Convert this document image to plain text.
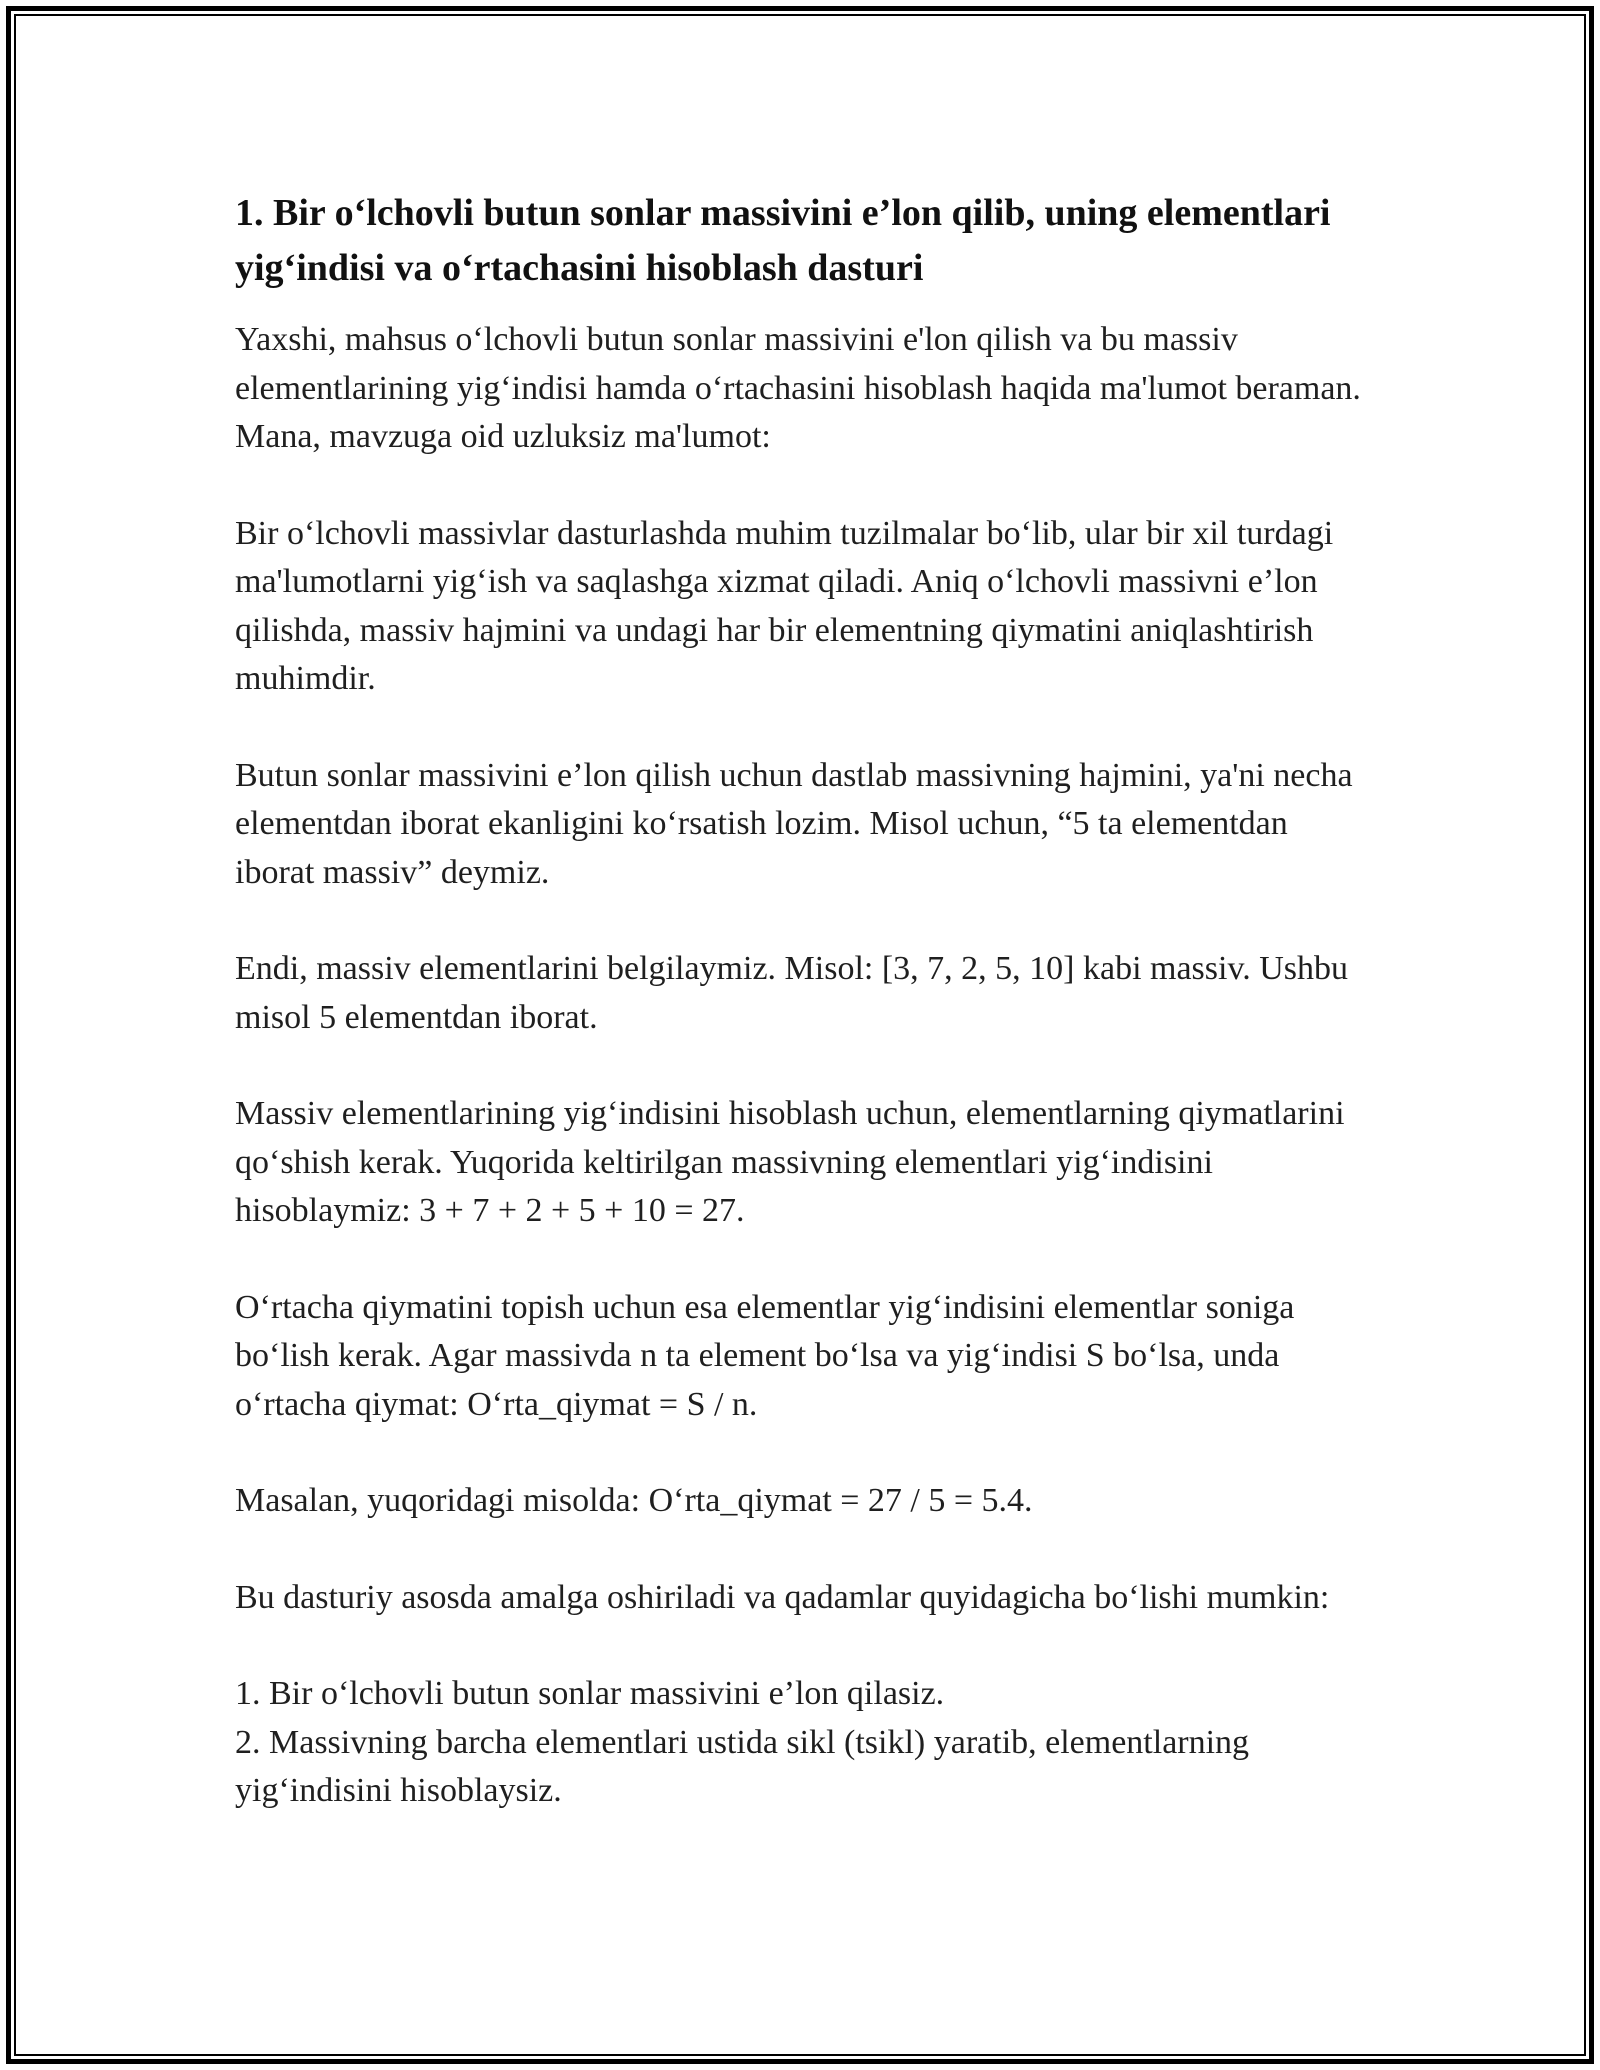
1. Bir o‘lchovli butun sonlar massivini e’lon qilib, uning elementlari yig‘indisi va o‘rtachasini hisoblash dasturi

Yaxshi, mahsus o‘lchovli butun sonlar massivini e'lon qilish va bu massiv elementlarining yig‘indisi hamda o‘rtachasini hisoblash haqida ma'lumot beraman. Mana, mavzuga oid uzluksiz ma'lumot:

Bir o‘lchovli massivlar dasturlashda muhim tuzilmalar bo‘lib, ular bir xil turdagi ma'lumotlarni yig‘ish va saqlashga xizmat qiladi. Aniq o‘lchovli massivni e’lon qilishda, massiv hajmini va undagi har bir elementning qiymatini aniqlashtirish muhimdir.

Butun sonlar massivini e’lon qilish uchun dastlab massivning hajmini, ya'ni necha elementdan iborat ekanligini ko‘rsatish lozim. Misol uchun, “5 ta elementdan iborat massiv” deymiz.

Endi, massiv elementlarini belgilaymiz. Misol: [3, 7, 2, 5, 10] kabi massiv. Ushbu misol 5 elementdan iborat.

Massiv elementlarining yig‘indisini hisoblash uchun, elementlarning qiymatlarini qo‘shish kerak. Yuqorida keltirilgan massivning elementlari yig‘indisini hisoblaymiz: 3 + 7 + 2 + 5 + 10 = 27.

O‘rtacha qiymatini topish uchun esa elementlar yig‘indisini elementlar soniga bo‘lish kerak. Agar massivda n ta element bo‘lsa va yig‘indisi S bo‘lsa, unda o‘rtacha qiymat: O‘rta_qiymat = S / n.

Masalan, yuqoridagi misolda: O‘rta_qiymat = 27 / 5 = 5.4.

Bu dasturiy asosda amalga oshiriladi va qadamlar quyidagicha bo‘lishi mumkin:

1. Bir o‘lchovli butun sonlar massivini e’lon qilasiz.
2. Massivning barcha elementlari ustida sikl (tsikl) yaratib, elementlarning yig‘indisini hisoblaysiz.
